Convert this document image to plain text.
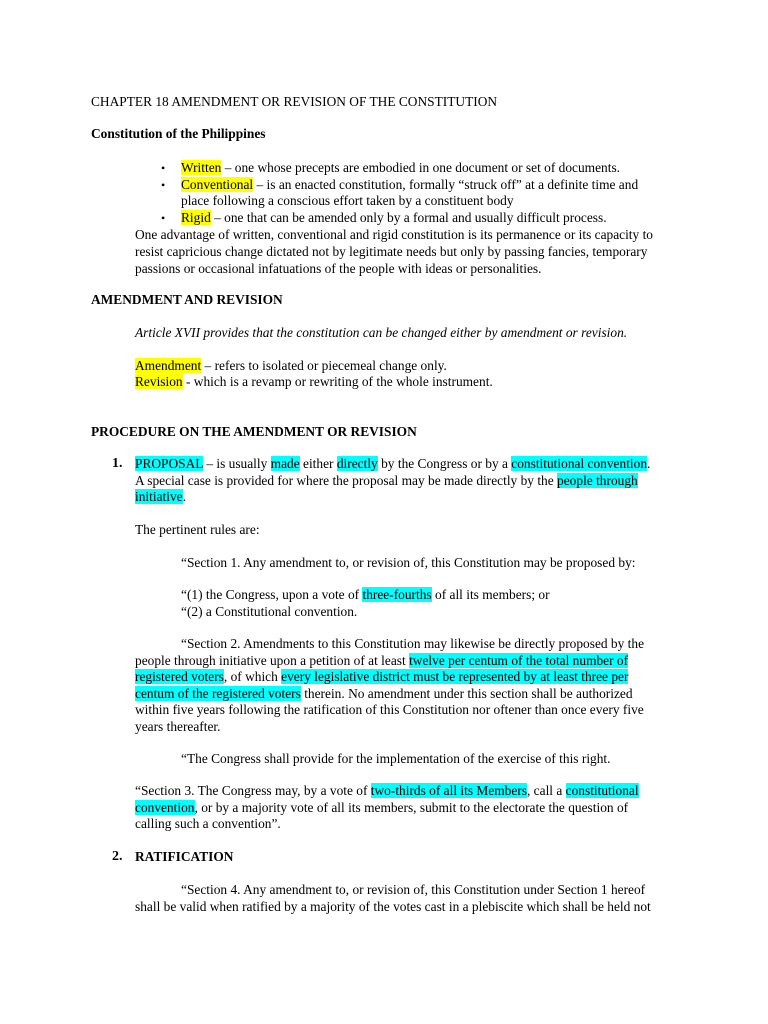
CHAPTER 18 AMENDMENT OR REVISION OF THE CONSTITUTION
Constitution of the Philippines
• Written – one whose precepts are embodied in one document or set of documents.
• Conventional – is an enacted constitution, formally “struck off” at a definite time and
place following a conscious effort taken by a constituent body
• Rigid – one that can be amended only by a formal and usually difficult process.
One advantage of written, conventional and rigid constitution is its permanence or its capacity to
resist capricious change dictated not by legitimate needs but only by passing fancies, temporary
passions or occasional infatuations of the people with ideas or personalities.
AMENDMENT AND REVISION
Article XVII provides that the constitution can be changed either by amendment or revision.
Amendment – refers to isolated or piecemeal change only.
Revision - which is a revamp or rewriting of the whole instrument.
PROCEDURE ON THE AMENDMENT OR REVISION
1. PROPOSAL – is usually made either directly by the Congress or by a constitutional convention.
A special case is provided for where the proposal may be made directly by the people through
initiative.
The pertinent rules are:
“Section 1. Any amendment to, or revision of, this Constitution may be proposed by:
“(1) the Congress, upon a vote of three-fourths of all its members; or
“(2) a Constitutional convention.
“Section 2. Amendments to this Constitution may likewise be directly proposed by the
people through initiative upon a petition of at least twelve per centum of the total number of
registered voters, of which every legislative district must be represented by at least three per
centum of the registered voters therein. No amendment under this section shall be authorized
within five years following the ratification of this Constitution nor oftener than once every five
years thereafter.
“The Congress shall provide for the implementation of the exercise of this right.
“Section 3. The Congress may, by a vote of two-thirds of all its Members, call a constitutional
convention, or by a majority vote of all its members, submit to the electorate the question of
calling such a convention”.
2. RATIFICATION
“Section 4. Any amendment to, or revision of, this Constitution under Section 1 hereof
shall be valid when ratified by a majority of the votes cast in a plebiscite which shall be held not
